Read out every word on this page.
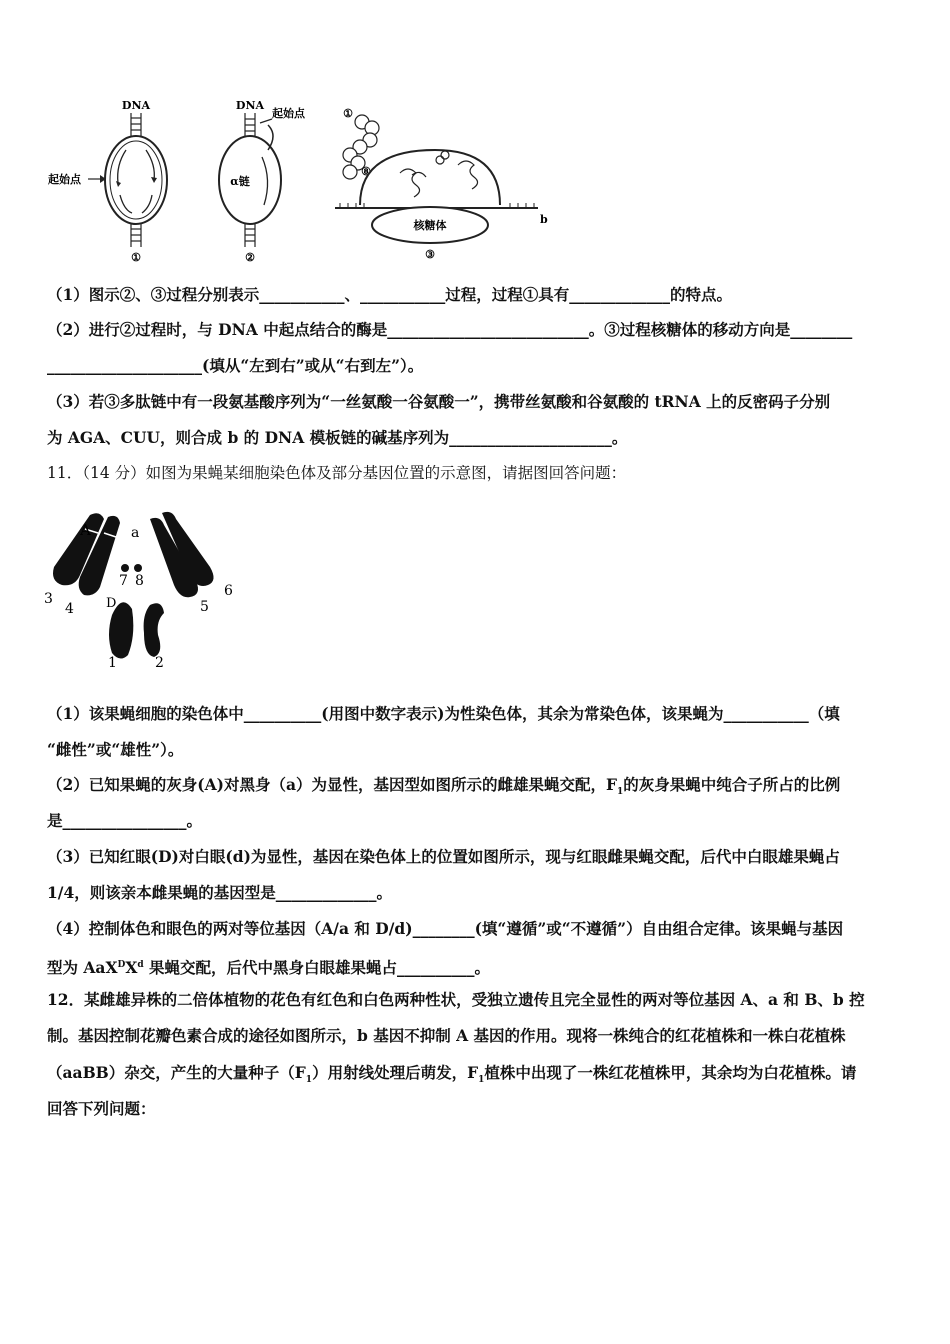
DNA
起始点
①
DNA
起始点
α链
②
①
⑧
核糖体	b
③
（1）图示②、③过程分别表示___________、___________过程，过程①具有_____________的特点。
（2）进行②过程时，与 DNA 中起点结合的酶是__________________________。③过程核糖体的移动方向是________
____________________(填从“左到右”或从“右到左”）。
（3）若③多肽链中有一段氨基酸序列为“一丝氨酸一谷氨酸一”，携带丝氨酸和谷氨酸的 tRNA 上的反密码子分别
为 AGA、CUU，则合成 b 的 DNA 模板链的碱基序列为_____________________。
11．（14 分）如图为果蝇某细胞染色体及部分基因位置的示意图，请据图回答问题：
A	a
D
3
4
7 8
5
6
1	2
（1）该果蝇细胞的染色体中__________(用图中数字表示)为性染色体，其余为常染色体，该果蝇为___________（填
“雌性”或“雄性”）。
（2）已知果蝇的灰身(A)对黑身（a）为显性，基因型如图所示的雌雄果蝇交配，$F_1$的灰身果蝇中纯合子所占的比例
是________________。
（3）已知红眼(D)对白眼(d)为显性，基因在染色体上的位置如图所示，现与红眼雌果蝇交配，后代中白眼雄果蝇占
1/4，则该亲本雌果蝇的基因型是_____________。
（4）控制体色和眼色的两对等位基因（A/a 和 D/d)________(填“遵循”或“不遵循”）自由组合定律。该果蝇与基因
型为 $AaX^DX^d$ 果蝇交配，后代中黑身白眼雄果蝇占__________。
12．某雌雄异株的二倍体植物的花色有红色和白色两种性状，受独立遗传且完全显性的两对等位基因 A、a 和 B、b 控
制。基因控制花瓣色素合成的途径如图所示，b 基因不抑制 A 基因的作用。现将一株纯合的红花植株和一株白花植株
（aaBB）杂交，产生的大量种子$(F_1)$用射线处理后萌发，$F_1$植株中出现了一株红花植株甲，其余均为白花植株。请
回答下列问题：
